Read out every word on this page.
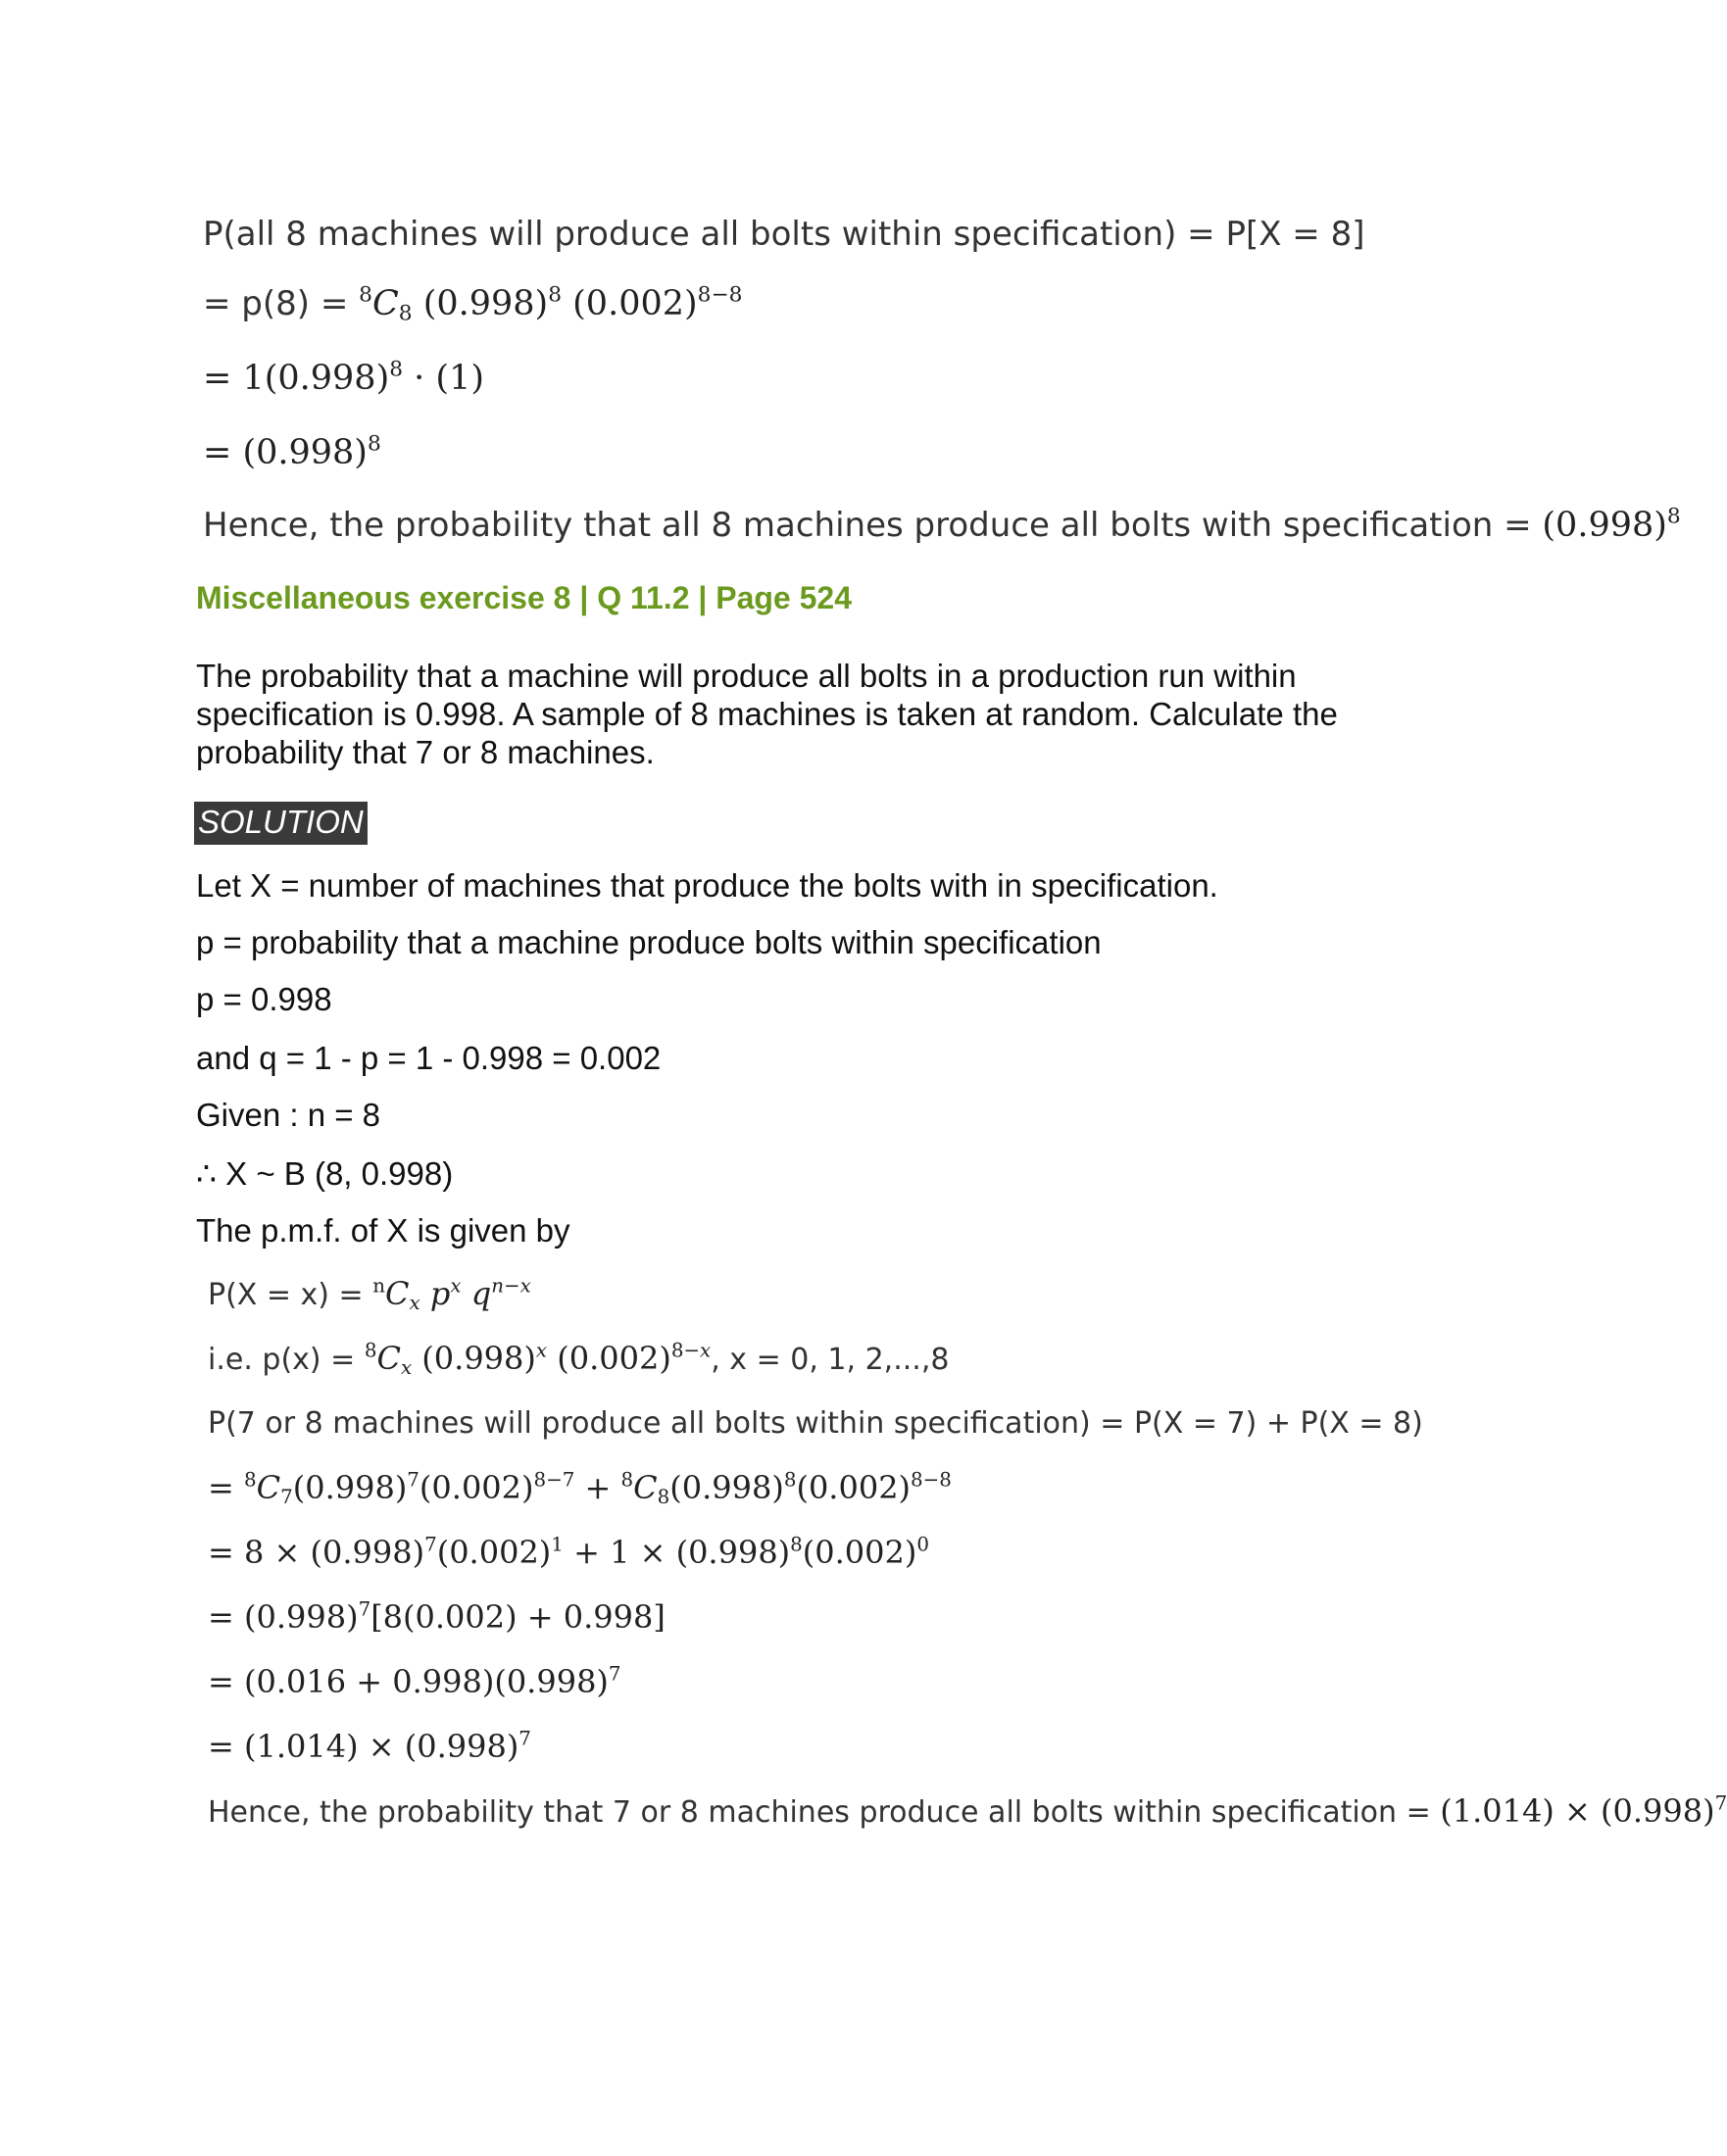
P(all 8 machines will produce all bolts within specification) = P[X = 8]
= $p(8) = ^8C_8$ $(0.998)^8$ $(0.002)^{8-8}$
= $1(0.998)^8 \cdot (1)$
= $(0.998)^8$
Hence, the probability that all 8 machines produce all bolts with specification = $(0.998)^8$
Miscellaneous exercise 8 | Q 11.2 | Page 524
The probability that a machine will produce all bolts in a production run within specification is 0.998. A sample of 8 machines is taken at random. Calculate the probability that 7 or 8 machines.
SOLUTION
Let X = number of machines that produce the bolts with in specification.
p = probability that a machine produce bolts within specification
p = 0.998
and q = 1 - p = 1 - 0.998 = 0.002
Given : n = 8
∴ X ~ B (8, 0.998)
The p.m.f. of X is given by
$P(X = x) = ^nC_x$ $p^x$ $q^{n-x}$
i.e. $p(x) = ^8C_x$ $(0.998)^x$ $(0.002)^{8-x}$, x = 0, 1, 2,...,8
P(7 or 8 machines will produce all bolts within specification) = P(X = 7) + P(X = 8)
= $^8C_7(0.998)^7(0.002)^{8-7} + ^8C_8(0.998)^8(0.002)^{8-8}$
= $8 \times (0.998)^7(0.002)^1 + 1 \times (0.998)^8(0.002)^0$
= $(0.998)^7[8(0.002) + 0.998]$
= $(0.016 + 0.998)(0.998)^7$
= $(1.014) \times (0.998)^7$
Hence, the probability that 7 or 8 machines produce all bolts within specification = $(1.014) \times (0.998)^7$
